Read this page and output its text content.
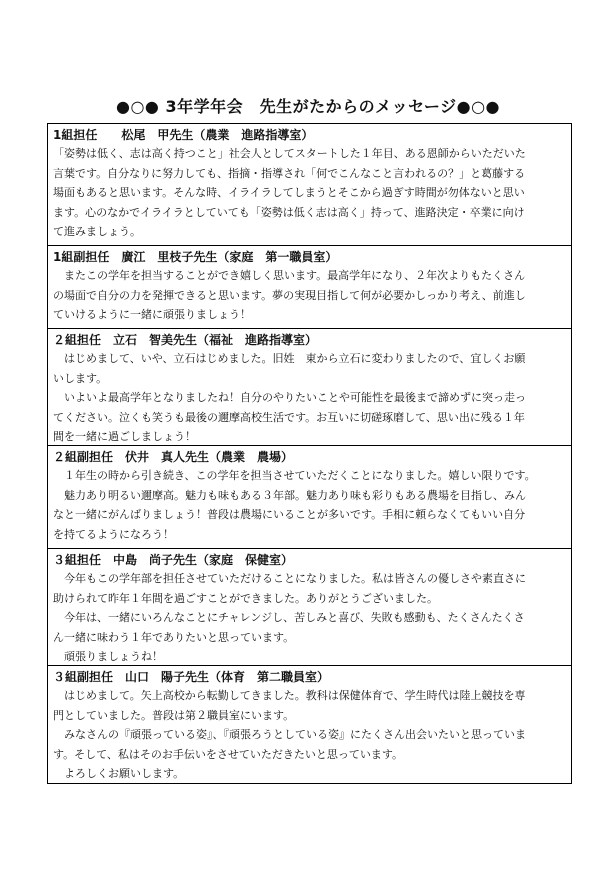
●○● 3年学年会　先生がたからのメッセージ●○●
1組担任　　松尾　甲先生（農業　進路指導室）

「姿勢は低く、志は高く持つこと」社会人としてスタートした１年目、ある恩師からいただいた
言葉です。自分なりに努力しても、指摘・指導され「何でこんなこと言われるの？」と葛藤する
場面もあると思います。そんな時、イライラしてしまうとそこから過ぎす時間が勿体ないと思い
ます。心のなかでイライラとしていても「姿勢は低く志は高く」持って、進路決定・卒業に向け
て進みましょう。

1組副担任　廣江　里枝子先生（家庭　第一職員室）

　またこの学年を担当することができ嬉しく思います。最高学年になり、２年次よりもたくさん
の場面で自分の力を発揮できると思います。夢の実現目指して何が必要かしっかり考え、前進し
ていけるように一緒に頑張りましょう！

２組担任　立石　智美先生（福祉　進路指導室）

　はじめまして、いや、立石はじめました。旧姓　東から立石に変わりましたので、宜しくお願
いします。

　いよいよ最高学年となりましたね！自分のやりたいことや可能性を最後まで諦めずに突っ走っ
てください。泣くも笑うも最後の邇摩高校生活です。お互いに切磋琢磨して、思い出に残る１年
間を一緒に過ごしましょう！

２組副担任　伏井　真人先生（農業　農場）

　１年生の時から引き続き、この学年を担当させていただくことになりました。嬉しい限りです。
　魅力あり明るい邇摩高。魅力も味もある３年部。魅力あり味も彩りもある農場を目指し、みん
なと一緒にがんばりましょう！普段は農場にいることが多いです。手相に頼らなくてもいい自分
を持てるようになろう！

３組担任　中島　尚子先生（家庭　保健室）

　今年もこの学年部を担任させていただけることになりました。私は皆さんの優しさや素直さに
助けられて昨年１年間を過ごすことができました。ありがとうございました。

　今年は、一緒にいろんなことにチャレンジし、苦しみと喜び、失敗も感動も、たくさんたくさ
ん一緒に味わう１年でありたいと思っています。
　頑張りましょうね！

３組副担任　山口　陽子先生（体育　第二職員室）

　はじめまして。矢上高校から転勤してきました。教科は保健体育で、学生時代は陸上競技を専
門としていました。普段は第２職員室にいます。

　みなさんの『頑張っている姿』、『頑張ろうとしている姿』にたくさん出会いたいと思っていま
す。そして、私はそのお手伝いをさせていただきたいと思っています。
　よろしくお願いします。
